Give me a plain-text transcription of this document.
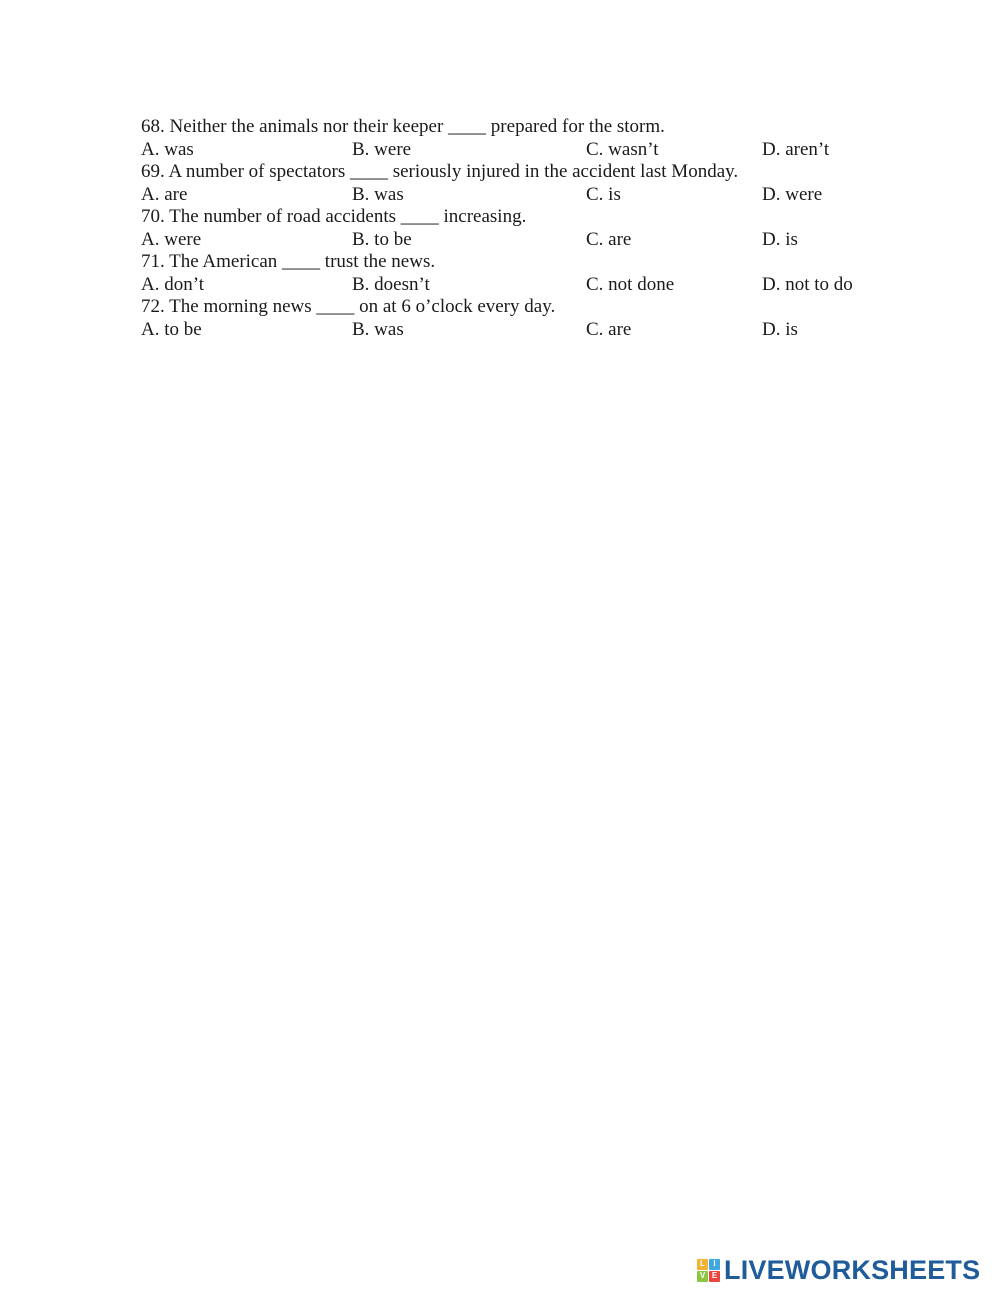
68. Neither the animals nor their keeper ____ prepared for the storm.
A. was	B. were	C. wasn’t	D. aren’t
69. A number of spectators ____ seriously injured in the accident last Monday.
A. are	B. was	C. is	D. were
70. The number of road accidents ____ increasing.
A. were	B. to be	C. are	D. is
71. The American ____ trust the news.
A. don’t	B. doesn’t	C. not done	D. not to do
72. The morning news ____ on at 6 o’clock every day.
A. to be	B. was	C. are	D. is
L	I
V E LIVEWORKSHEETS
